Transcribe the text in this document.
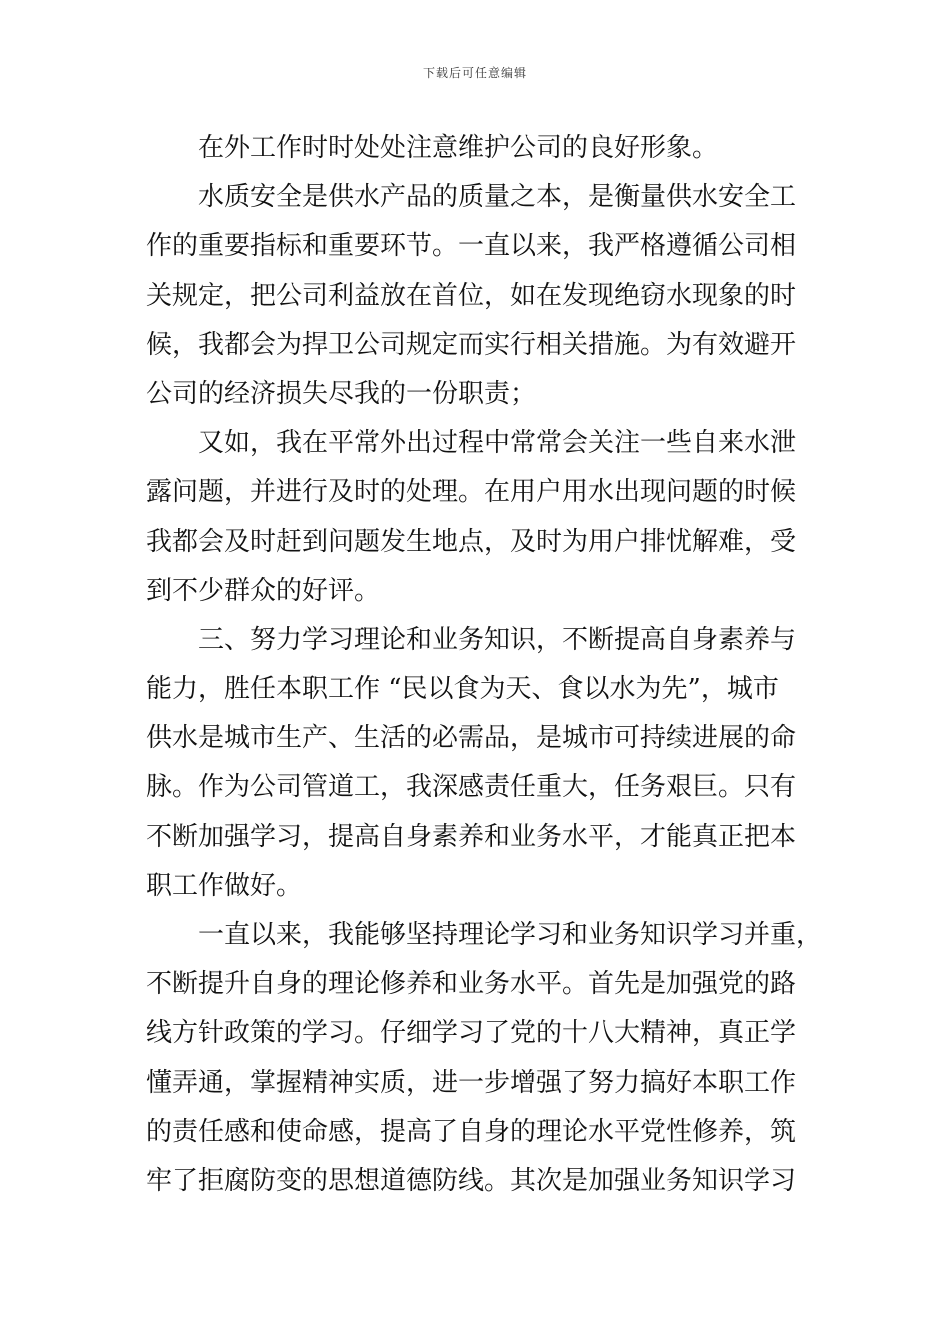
下载后可任意编辑
在外工作时时处处注意维护公司的良好形象。
水质安全是供水产品的质量之本，是衡量供水安全工
作的重要指标和重要环节。一直以来，我严格遵循公司相
关规定，把公司利益放在首位，如在发现绝窃水现象的时
候，我都会为捍卫公司规定而实行相关措施。为有效避开
公司的经济损失尽我的一份职责；
又如，我在平常外出过程中常常会关注一些自来水泄
露问题，并进行及时的处理。在用户用水出现问题的时候
我都会及时赶到问题发生地点，及时为用户排忧解难，受
到不少群众的好评。
三、努力学习理论和业务知识，不断提高自身素养与
能力，胜任本职工作 “民以食为天、食以水为先”，城市
供水是城市生产、生活的必需品，是城市可持续进展的命
脉。作为公司管道工，我深感责任重大，任务艰巨。只有
不断加强学习，提高自身素养和业务水平，才能真正把本
职工作做好。
一直以来，我能够坚持理论学习和业务知识学习并重，
不断提升自身的理论修养和业务水平。首先是加强党的路
线方针政策的学习。仔细学习了党的十八大精神，真正学
懂弄通，掌握精神实质，进一步增强了努力搞好本职工作
的责任感和使命感，提高了自身的理论水平党性修养，筑
牢了拒腐防变的思想道德防线。其次是加强业务知识学习
